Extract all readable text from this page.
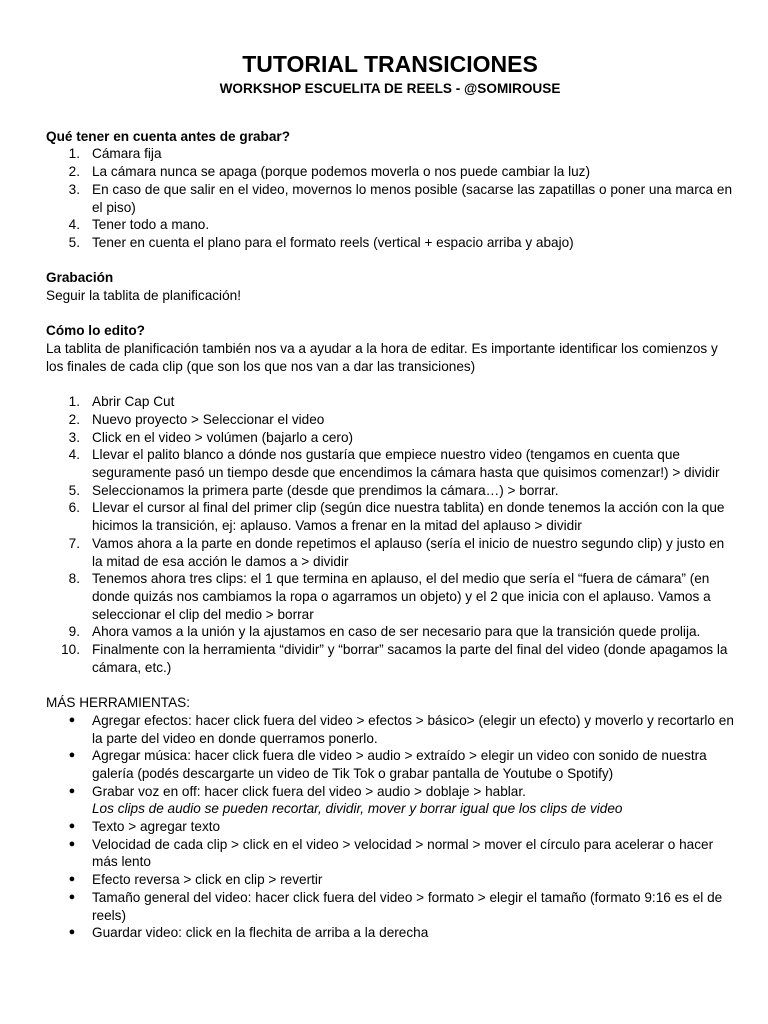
TUTORIAL TRANSICIONES
WORKSHOP ESCUELITA DE REELS - @SOMIROUSE

Qué tener en cuenta antes de grabar?

1. Cámara fija
2. La cámara nunca se apaga (porque podemos moverla o nos puede cambiar la luz)
3. En caso de que salir en el video, movernos lo menos posible (sacarse las zapatillas o poner una marca en el piso)
4. Tener todo a mano.
5. Tener en cuenta el plano para el formato reels (vertical + espacio arriba y abajo)

Grabación

Seguir la tablita de planificación!

Cómo lo edito?

La tablita de planificación también nos va a ayudar a la hora de editar. Es importante identificar los comienzos y los finales de cada clip (que son los que nos van a dar las transiciones)

1. Abrir Cap Cut
2. Nuevo proyecto > Seleccionar el video
3. Click en el video > volúmen (bajarlo a cero)
4. Llevar el palito blanco a dónde nos gustaría que empiece nuestro video (tengamos en cuenta que seguramente pasó un tiempo desde que encendimos la cámara hasta que quisimos comenzar!) > dividir
5. Seleccionamos la primera parte (desde que prendimos la cámara…) > borrar.
6. Llevar el cursor al final del primer clip (según dice nuestra tablita) en donde tenemos la acción con la que hicimos la transición, ej: aplauso. Vamos a frenar en la mitad del aplauso > dividir
7. Vamos ahora a la parte en donde repetimos el aplauso (sería el inicio de nuestro segundo clip) y justo en la mitad de esa acción le damos a > dividir
8. Tenemos ahora tres clips: el 1 que termina en aplauso, el del medio que sería el “fuera de cámara” (en donde quizás nos cambiamos la ropa o agarramos un objeto) y el 2 que inicia con el aplauso. Vamos a seleccionar el clip del medio > borrar
9. Ahora vamos a la unión y la ajustamos en caso de ser necesario para que la transición quede prolija.
10. Finalmente con la herramienta “dividir” y “borrar” sacamos la parte del final del video (donde apagamos la cámara, etc.)

MÁS HERRAMIENTAS:

● Agregar efectos: hacer click fuera del video > efectos > básico> (elegir un efecto) y moverlo y recortarlo en la parte del video en donde querramos ponerlo.
● Agregar música: hacer click fuera dle video > audio > extraído > elegir un video con sonido de nuestra galería (podés descargarte un video de Tik Tok o grabar pantalla de Youtube o Spotify)
● Grabar voz en off: hacer click fuera del video > audio > doblaje > hablar.
Los clips de audio se pueden recortar, dividir, mover y borrar igual que los clips de video
● Texto > agregar texto
● Velocidad de cada clip > click en el video > velocidad > normal > mover el círculo para acelerar o hacer más lento
● Efecto reversa > click en clip > revertir
● Tamaño general del video: hacer click fuera del video > formato > elegir el tamaño (formato 9:16 es el de reels)
● Guardar video: click en la flechita de arriba a la derecha
